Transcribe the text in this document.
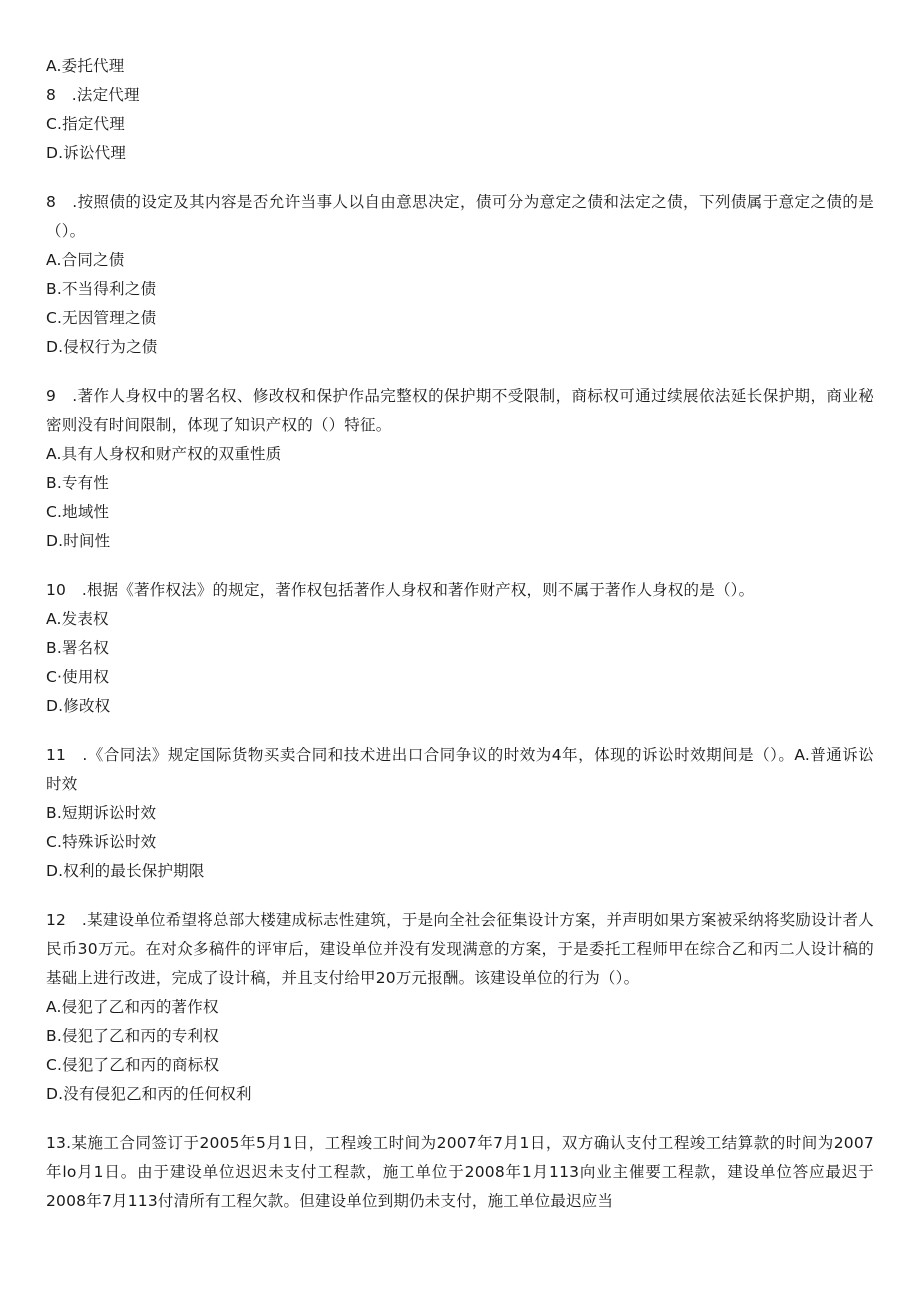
A.委托代理
8　.法定代理
C.指定代理
D.诉讼代理
8　.按照债的设定及其内容是否允许当事人以自由意思决定，债可分为意定之债和法定之债，下列债属于意定之债的是（）。
A.合同之债
B.不当得利之债
C.无因管理之债
D.侵权行为之债
9　.著作人身权中的署名权、修改权和保护作品完整权的保护期不受限制，商标权可通过续展依法延长保护期，商业秘密则没有时间限制，体现了知识产权的（）特征。
A.具有人身权和财产权的双重性质
B.专有性
C.地域性
D.时间性
10　.根据《著作权法》的规定，著作权包括著作人身权和著作财产权，则不属于著作人身权的是（）。
A.发表权
B.署名权
C·使用权
D.修改权
11　.《合同法》规定国际货物买卖合同和技术进出口合同争议的时效为4年，体现的诉讼时效期间是（）。A.普通诉讼时效
B.短期诉讼时效
C.特殊诉讼时效
D.权利的最长保护期限
12　.某建设单位希望将总部大楼建成标志性建筑，于是向全社会征集设计方案，并声明如果方案被采纳将奖励设计者人民币30万元。在对众多稿件的评审后，建设单位并没有发现满意的方案，于是委托工程师甲在综合乙和丙二人设计稿的基础上进行改进，完成了设计稿，并且支付给甲20万元报酬。该建设单位的行为（）。
A.侵犯了乙和丙的著作权
B.侵犯了乙和丙的专利权
C.侵犯了乙和丙的商标权
D.没有侵犯乙和丙的任何权利
13.某施工合同签订于2005年5月1日，工程竣工时间为2007年7月1日，双方确认支付工程竣工结算款的时间为2007年lo月1日。由于建设单位迟迟未支付工程款，施工单位于2008年1月113向业主催要工程款，建设单位答应最迟于2008年7月113付清所有工程欠款。但建设单位到期仍未支付，施工单位最迟应当
